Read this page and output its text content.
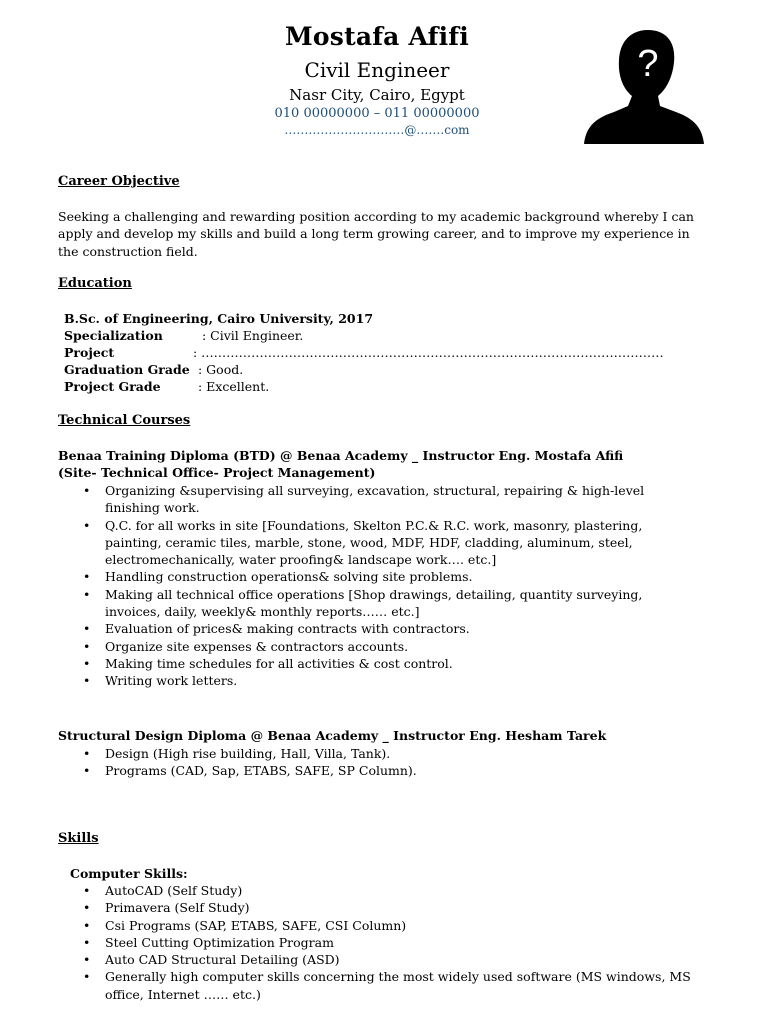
Mostafa Afifi
Civil Engineer
Nasr City, Cairo, Egypt
010 00000000 – 011 00000000
…………………………@…….com
?
Career Objective
Seeking a challenging and rewarding position according to my academic background whereby I can apply and develop my skills and build a long term growing career, and to improve my experience in the construction field.
Education
B.Sc. of Engineering, Cairo University, 2017
Specialization	: Civil Engineer.
Project	: …………………………………………………………………………………………………
Graduation Grade : Good.
Project Grade	: Excellent.
Technical Courses
Benaa Training Diploma (BTD) @ Benaa Academy _ Instructor Eng. Mostafa Afifi
(Site- Technical Office- Project Management)
• Organizing &supervising all surveying, excavation, structural, repairing & high-level finishing work.
• Q.C. for all works in site [Foundations, Skelton P.C.& R.C. work, masonry, plastering, painting, ceramic tiles, marble, stone, wood, MDF, HDF, cladding, aluminum, steel, electromechanically, water proofing& landscape work…. etc.]
• Handling construction operations& solving site problems.
• Making all technical office operations [Shop drawings, detailing, quantity surveying, invoices, daily, weekly& monthly reports…… etc.]
• Evaluation of prices& making contracts with contractors.
• Organize site expenses & contractors accounts.
• Making time schedules for all activities & cost control.
• Writing work letters.
Structural Design Diploma @ Benaa Academy _ Instructor Eng. Hesham Tarek
• Design (High rise building, Hall, Villa, Tank).
• Programs (CAD, Sap, ETABS, SAFE, SP Column).
Skills
Computer Skills:
• AutoCAD (Self Study)
• Primavera (Self Study)
• Csi Programs (SAP, ETABS, SAFE, CSI Column)
• Steel Cutting Optimization Program
• Auto CAD Structural Detailing (ASD)
• Generally high computer skills concerning the most widely used software (MS windows, MS office, Internet …… etc.)
